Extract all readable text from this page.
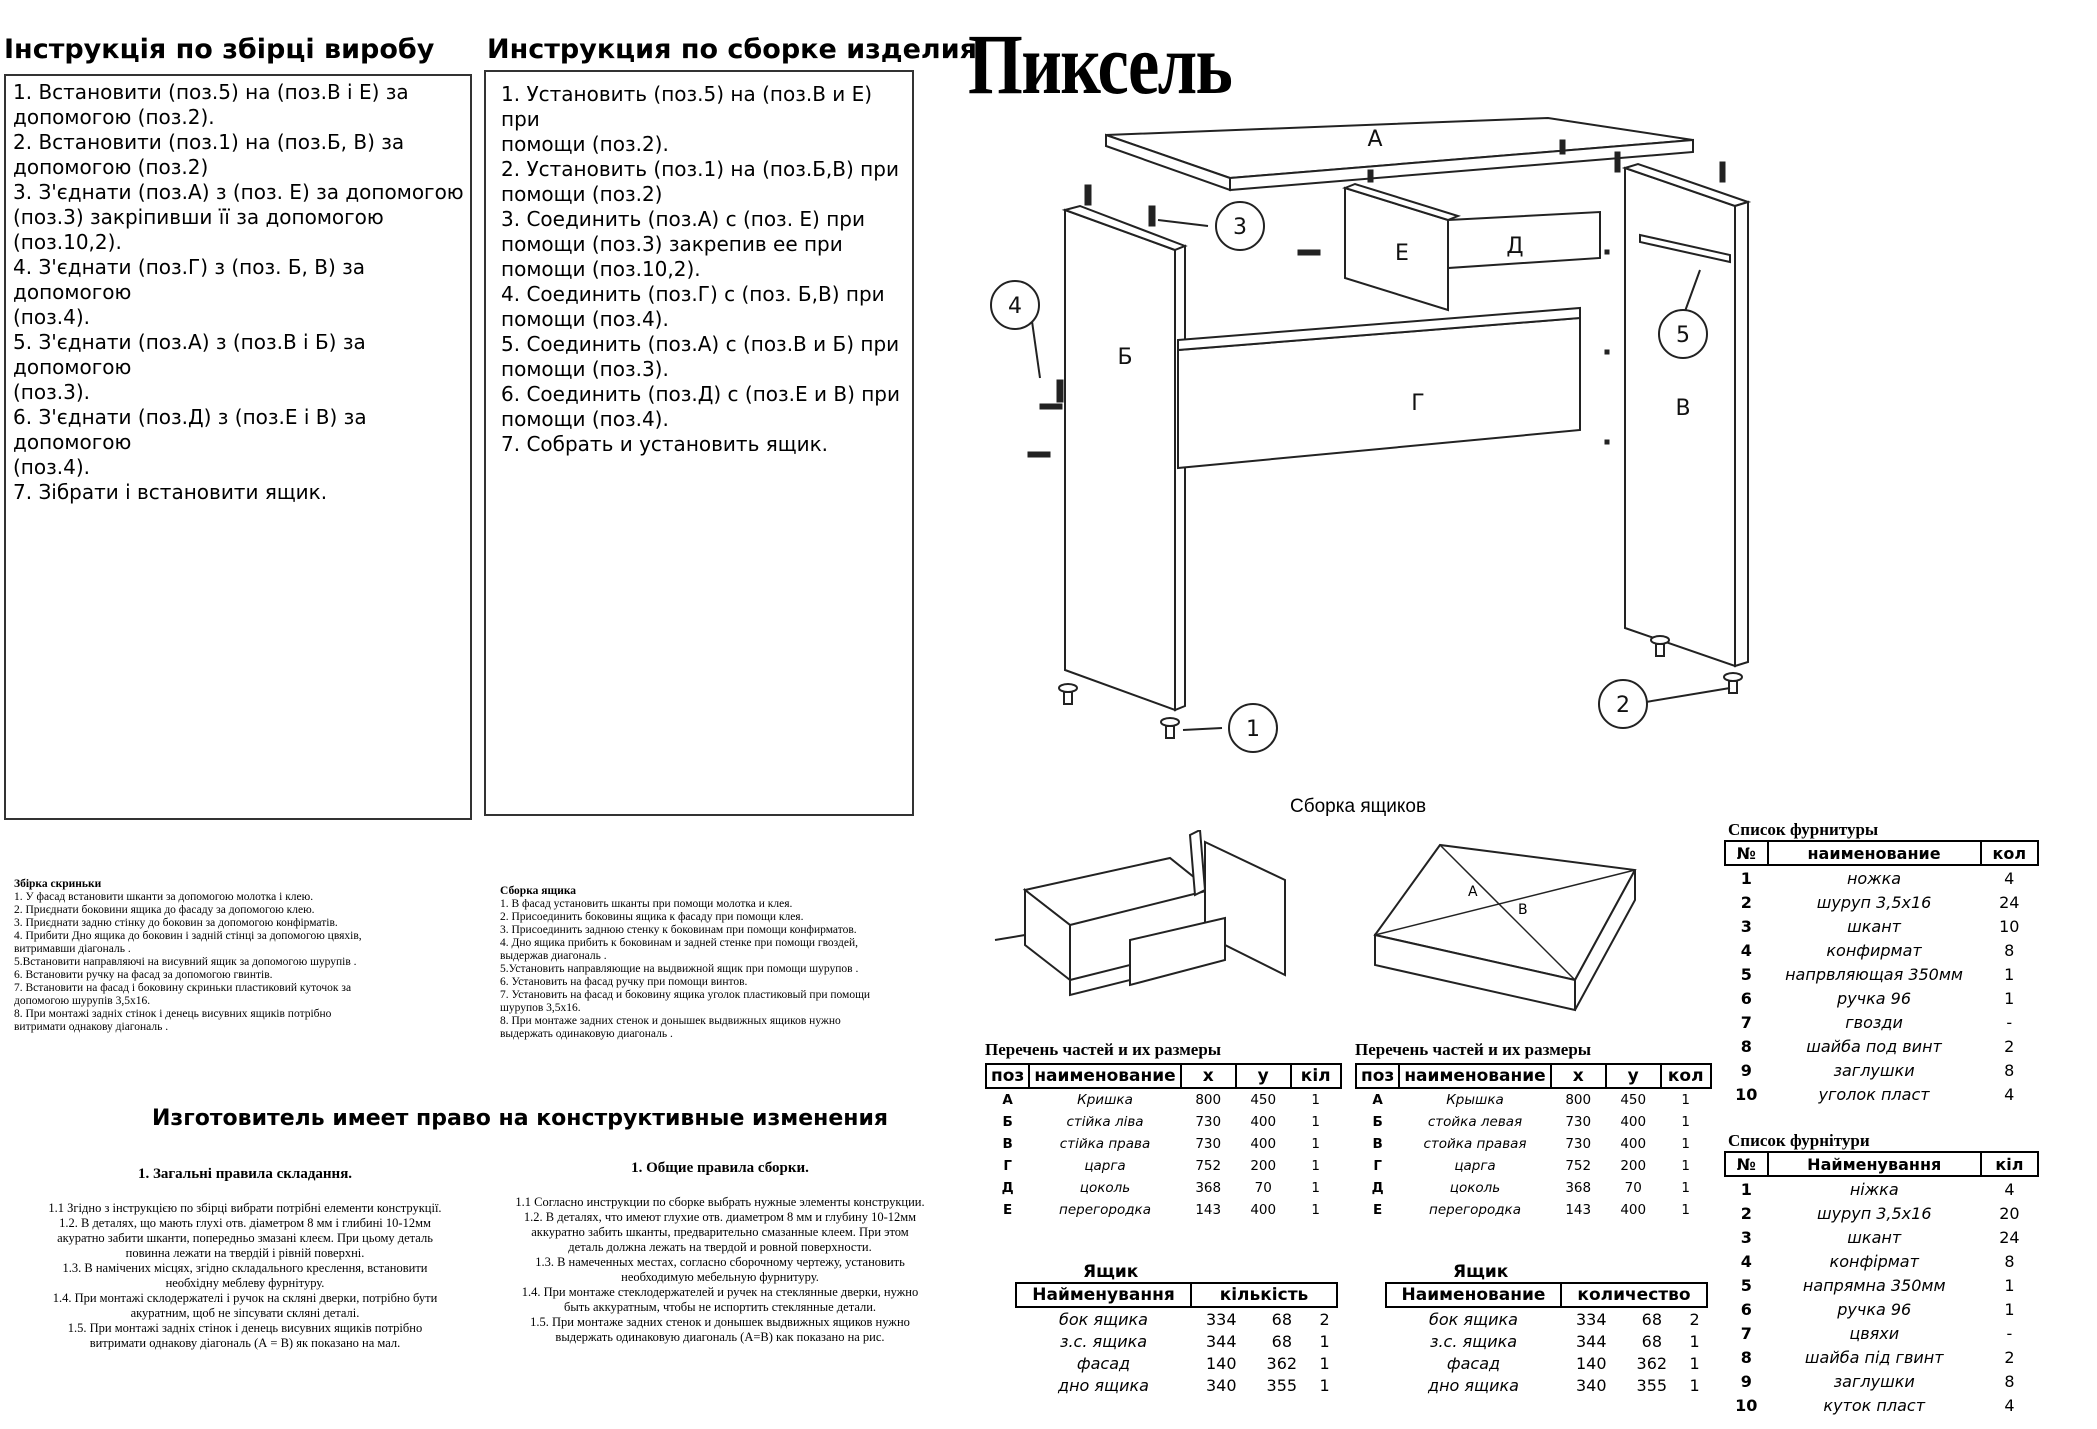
Інструкція по збірці виробу Инструкция по сборке изделия
Пиксель
1. Встановити (поз.5) на (поз.В і Е) за
допомогою (поз.2).
2. Встановити (поз.1) на (поз.Б, В) за
допомогою (поз.2)
3. З'єднати (поз.А) з (поз. Е) за допомогою
(поз.3) закріпивши її за допомогою (поз.10,2).
4. З'єднати (поз.Г) з (поз. Б, В) за допомогою
(поз.4).
5. З'єднати (поз.А) з (поз.В і Б) за допомогою
(поз.3).
6. З'єднати (поз.Д) з (поз.Е і В) за допомогою
(поз.4).
7. Зібрати і встановити ящик.
1. Установить (поз.5) на (поз.В и Е) при
помощи (поз.2).
2. Установить (поз.1) на (поз.Б,В) при
помощи (поз.2)
3. Соединить (поз.А) с (поз. Е) при
помощи (поз.3) закрепив ее при
помощи (поз.10,2).
4. Соединить (поз.Г) с (поз. Б,В) при
помощи (поз.4).
5. Соединить (поз.А) с (поз.В и Б) при
помощи (поз.3).
6. Соединить (поз.Д) с (поз.Е и В) при
помощи (поз.4).
7. Собрать и установить ящик.
А
Б
В
Г
Д
Е
3
4
1
2
5
Сборка ящиков
A
B
Збірка скриньки
1. У фасад встановити шканти за допомогою молотка і клею.
2. Приєднати боковини ящика до фасаду за допомогою клею.
3. Приєднати задню стінку до боковин за допомогою конфірматів.
4. Прибити Дно ящика до боковин і задній стінці за допомогою цвяхів,
витримавши діагональ .
5.Встановити направляючі на висувний ящик за допомогою шурупів .
6. Встановити ручку на фасад за допомогою гвинтів.
7. Встановити на фасад і боковину скриньки пластиковий куточок за
допомогою шурупів 3,5х16.
8. При монтажі задніх стінок і денець висувних ящиків потрібно
витримати однакову діагональ .
Сборка ящика
1. В фасад установить шканты при помощи молотка и клея.
2. Присоединить боковины ящика к фасаду при помощи клея.
3. Присоединить заднюю стенку к боковинам при помощи конфирматов.
4. Дно ящика прибить к боковинам и задней стенке при помощи гвоздей,
выдержав диагональ .
5.Установить направляющие на выдвижной ящик при помощи шурупов .
6. Установить на фасад ручку при помощи винтов.
7. Установить на фасад и боковину ящика уголок пластиковый при помощи
шурупов 3,5х16.
8. При монтаже задних стенок и донышек выдвижных ящиков нужно
выдержать одинаковую диагональ .
Изготовитель имеет право на конструктивные изменения
1. Загальні правила складання.
1.1 Згідно з інструкцією по збірці вибрати потрібні елементи конструкції.
1.2. В деталях, що мають глухі отв. діаметром 8 мм і глибині 10-12мм
акуратно забити шканти, попередньо змазані клеєм. При цьому деталь
повинна лежати на твердій і рівній поверхні.
1.3. В намічених місцях, згідно складального креслення, встановити
необхідну меблеву фурнітуру.
1.4. При монтажі склодержателі і ручок на скляні дверки, потрібно бути
акуратним, щоб не зіпсувати скляні деталі.
1.5. При монтажі задніх стінок і денець висувних ящиків потрібно
витримати однакову діагональ (А = В) як показано на мал.
1. Общие правила сборки.
1.1 Согласно инструкции по сборке выбрать нужные элементы конструкции.
1.2. В деталях, что имеют глухие отв. диаметром 8 мм и глубину 10-12мм
аккуратно забить шканты, предварительно смазанные клеем. При этом
деталь должна лежать на твердой и ровной поверхности.
1.3. В намеченных местах, согласно сборочному чертежу, установить
необходимую мебельную фурнитуру.
1.4. При монтаже стеклодержателей и ручек на стеклянные дверки, нужно
быть аккуратным, чтобы не испортить стеклянные детали.
1.5. При монтаже задних стенок и донышек выдвижных ящиков нужно
выдержать одинаковую диагональ (А=В) как показано на рис.
Перечень частей и их размеры
поз	наименование	х	у	кіл
А	Кришка	800	450	1
Б	стійка ліва	730	400	1
В	стійка права	730	400	1
Г	царга	752	200	1
Д	цоколь	368	70	1
Е	перегородка	143	400	1
Перечень частей и их размеры
поз	наименование	х	у	кол
А	Крышка	800	450	1
Б	стойка левая	730	400	1
В	стойка правая	730	400	1
Г	царга	752	200	1
Д	цоколь	368	70	1
Е	перегородка	143	400	1
Ящик
Найменування	кількість		
бок ящика	334	68	2
з.с. ящика	344	68	1
фасад	140	362	1
дно ящика	340	355	1
Ящик
Наименование	количество		
бок ящика	334	68	2
з.с. ящика	344	68	1
фасад	140	362	1
дно ящика	340	355	1
Список фурнитуры
№	наименование	кол
1	ножка	4
2	шуруп 3,5х16	24
3	шкант	10
4	конфирмат	8
5	напрвляющая 350мм	1
6	ручка 96	1
7	гвозди	-
8	шайба под винт	2
9	заглушки	8
10	уголок пласт	4
Список фурнітури
№	Найменування	кіл
1	ніжка	4
2	шуруп 3,5х16	20
3	шкант	24
4	конфірмат	8
5	напрямна 350мм	1
6	ручка 96	1
7	цвяхи	-
8	шайба під гвинт	2
9	заглушки	8
10	куток пласт	4
